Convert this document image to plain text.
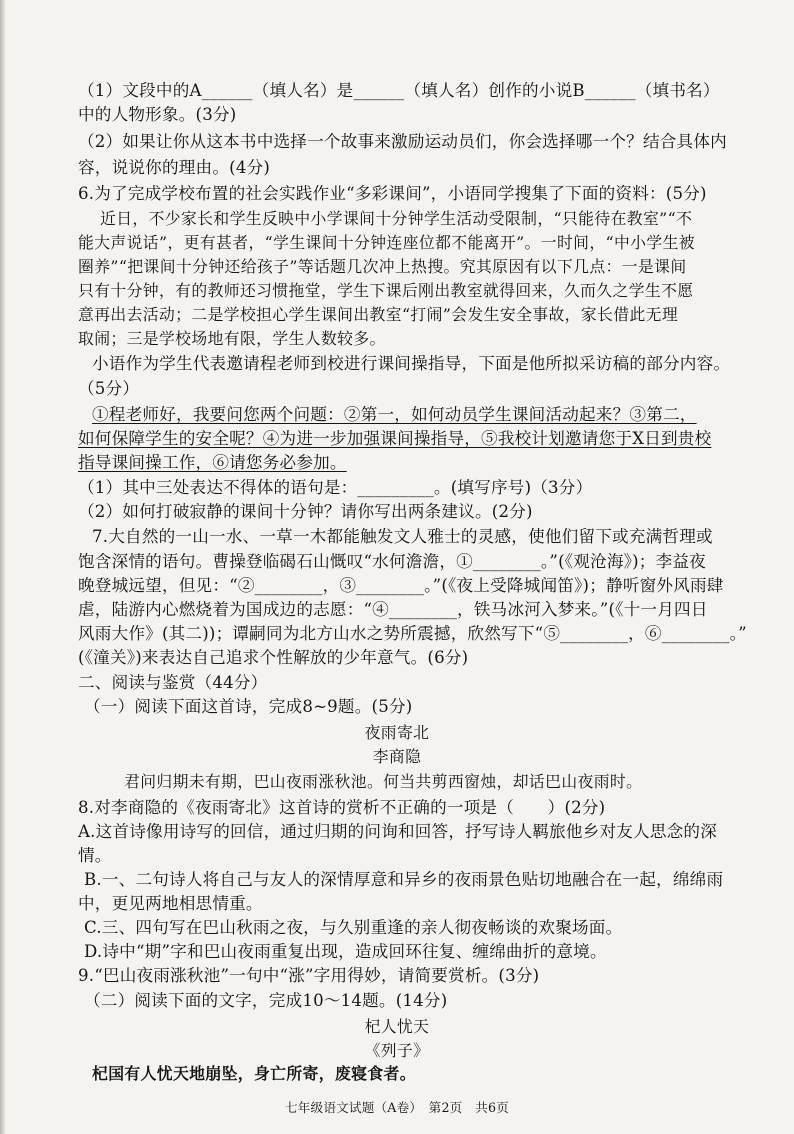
（1）文段中的A______（填人名）是______（填人名）创作的小说B______（填书名）
中的人物形象。(3分)
（2）如果让你从这本书中选择一个故事来激励运动员们，你会选择哪一个？结合具体内
容，说说你的理由。(4分)
6.为了完成学校布置的社会实践作业“多彩课间”，小语同学搜集了下面的资料：(5分)
近日，不少家长和学生反映中小学课间十分钟学生活动受限制，“只能待在教室”“不
能大声说话”，更有甚者，“学生课间十分钟连座位都不能离开”。一时间，“中小学生被
圈养”“把课间十分钟还给孩子”等话题几次冲上热搜。究其原因有以下几点：一是课间
只有十分钟，有的教师还习惯拖堂，学生下课后刚出教室就得回来，久而久之学生不愿
意再出去活动；二是学校担心学生课间出教室“打闹”会发生安全事故，家长借此无理
取闹；三是学校场地有限，学生人数较多。
小语作为学生代表邀请程老师到校进行课间操指导，下面是他所拟采访稿的部分内容。
（5分）
①程老师好，我要问您两个问题：②第一，如何动员学生课间活动起来？③第二，
如何保障学生的安全呢？④为进一步加强课间操指导，⑤我校计划邀请您于X日到贵校
指导课间操工作，⑥请您务必参加。
（1）其中三处表达不得体的语句是：_________。(填写序号)（3分）
（2）如何打破寂静的课间十分钟？请你写出两条建议。(2分)
7.大自然的一山一水、一草一木都能触发文人雅士的灵感，使他们留下或充满哲理或
饱含深情的语句。曹操登临碣石山慨叹“水何澹澹，①________。”(《观沧海》)；李益夜
晚登城远望，但见：“②________，③________。”(《夜上受降城闻笛》)；静听窗外风雨肆
虐，陆游内心燃烧着为国成边的志愿：“④________，铁马冰河入梦来。”(《十一月四日
风雨大作》(其二))；谭嗣同为北方山水之势所震撼，欣然写下“⑤________，⑥________。”
(《潼关》)来表达自己追求个性解放的少年意气。(6分)
二、阅读与鉴赏（44分）
（一）阅读下面这首诗，完成8~9题。(5分)
夜雨寄北
李商隐
君问归期未有期，巴山夜雨涨秋池。何当共剪西窗烛，却话巴山夜雨时。
8.对李商隐的《夜雨寄北》这首诗的赏析不正确的一项是（　　）(2分)
A.这首诗像用诗写的回信，通过归期的问询和回答，抒写诗人羁旅他乡对友人思念的深
情。
B.一、二句诗人将自己与友人的深情厚意和异乡的夜雨景色贴切地融合在一起，绵绵雨
中，更见两地相思情重。
C.三、四句写在巴山秋雨之夜，与久别重逢的亲人彻夜畅谈的欢聚场面。
D.诗中“期”字和巴山夜雨重复出现，造成回环往复、缠绵曲折的意境。
9.“巴山夜雨涨秋池”一句中“涨”字用得妙，请简要赏析。(3分)
（二）阅读下面的文字，完成10～14题。(14分)
杞人忧天
《列子》
杞国有人忧天地崩坠，身亡所寄，废寝食者。
七年级语文试题（A卷）　第2页　共6页
